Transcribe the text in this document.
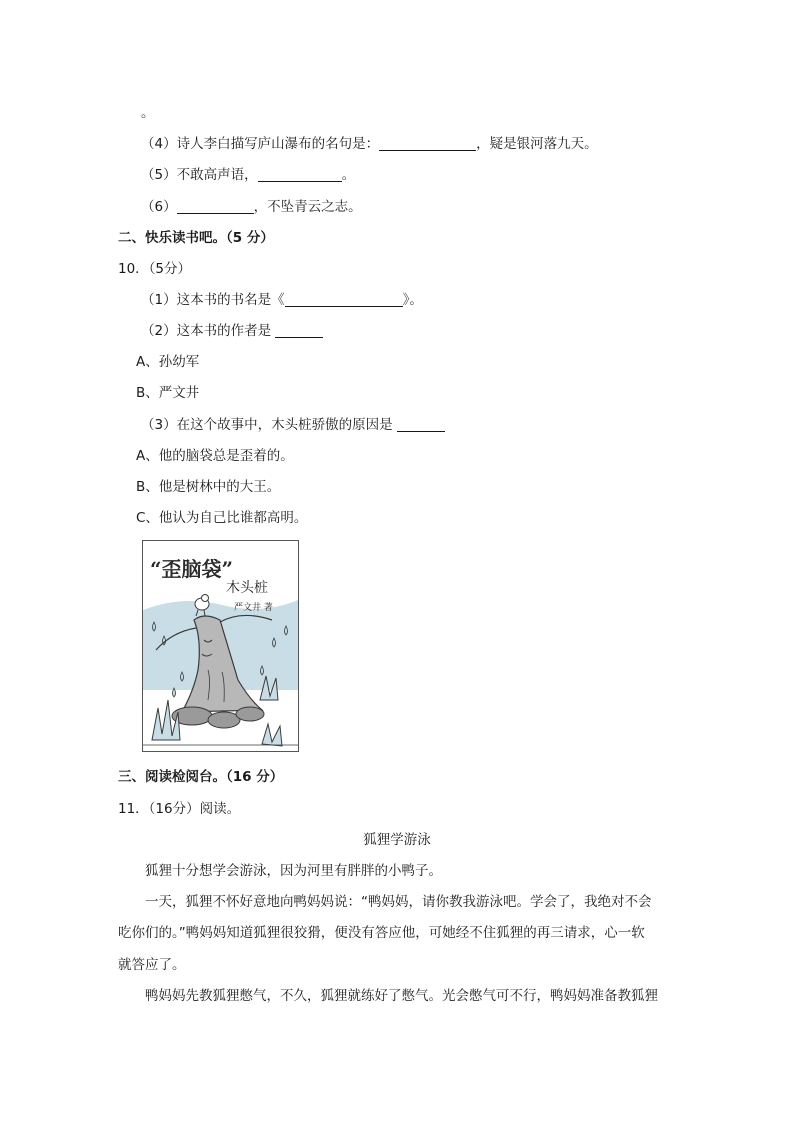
。
（4）诗人李白描写庐山瀑布的名句是：	，疑是银河落九天。
（5）不敢高声语，	。
（6）	，不坠青云之志。
二、快乐读书吧。（5 分）
10．（5分）
（1）这本书的书名是《	》。
（2）这本书的作者是
A、孙幼军
B、严文井
（3）在这个故事中，木头桩骄傲的原因是
A、他的脑袋总是歪着的。
B、他是树林中的大王。
C、他认为自己比谁都高明。
“歪脑袋”
木头桩
严文井 著
三、阅读检阅台。（16 分）
11．（16分）阅读。
狐狸学游泳
狐狸十分想学会游泳，因为河里有胖胖的小鸭子。
一天，狐狸不怀好意地向鸭妈妈说：“鸭妈妈，请你教我游泳吧。学会了，我绝对不会
吃你们的。”鸭妈妈知道狐狸很狡猾，便没有答应他，可她经不住狐狸的再三请求，心一软
就答应了。
鸭妈妈先教狐狸憋气，不久，狐狸就练好了憋气。光会憋气可不行，鸭妈妈准备教狐狸
